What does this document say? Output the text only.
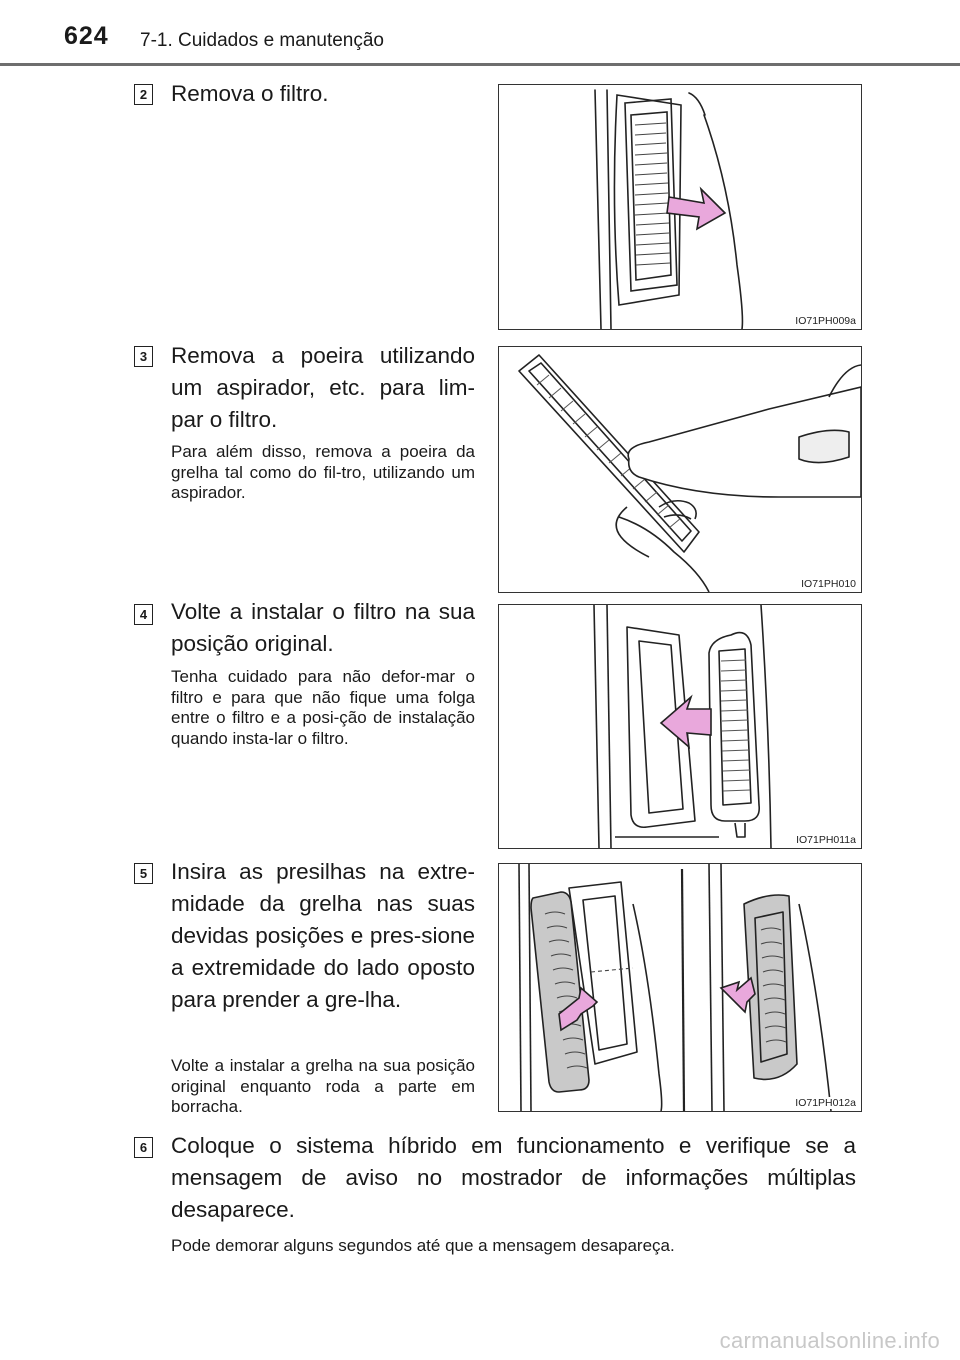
624 7-1. Cuidados e manutenção
2 Remova o filtro.
IO71PH009a
3 Remova a poeira utilizando um aspirador, etc. para lim-par o filtro.
Para além disso, remova a poeira da grelha tal como do fil-tro, utilizando um aspirador.
IO71PH010
4 Volte a instalar o filtro na sua posição original.
Tenha cuidado para não defor-mar o filtro e para que não fique uma folga entre o filtro e a posi-ção de instalação quando insta-lar o filtro.
IO71PH011a
5 Insira as presilhas na extre-midade da grelha nas suas devidas posições e pres-sione a extremidade do lado oposto para prender a gre-lha.
Volte a instalar a grelha na sua posição original enquanto roda a parte em borracha.	IO71PH012a
6 Coloque o sistema híbrido em funcionamento e verifique se a mensagem de aviso no mostrador de informações múltiplas desaparece.
Pode demorar alguns segundos até que a mensagem desapareça.
carmanualsonline.info
